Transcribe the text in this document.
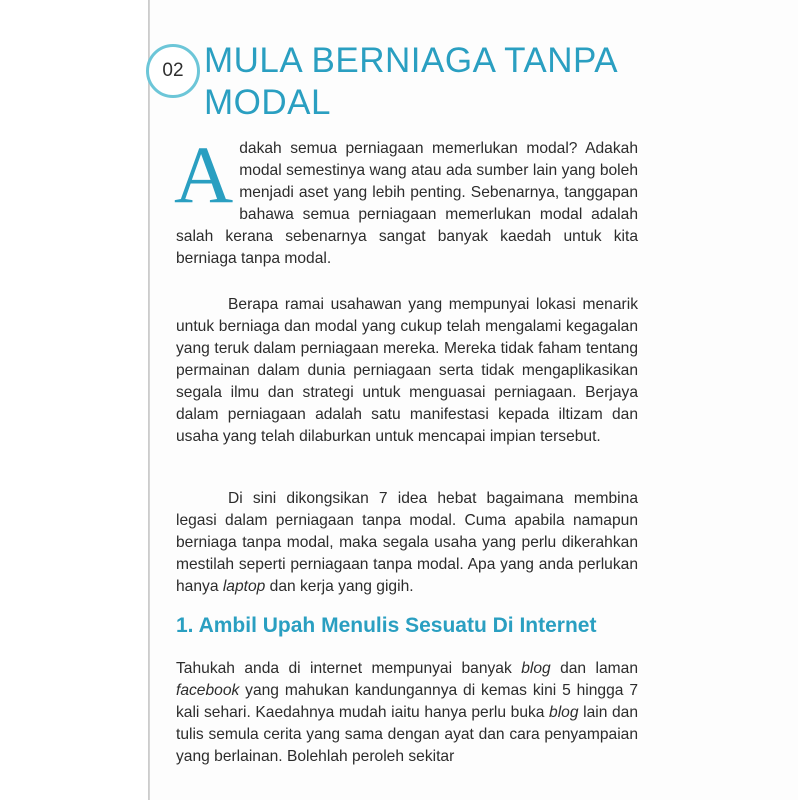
02 MULA BERNIAGA TANPA MODAL

Adakah semua perniagaan memerlukan modal? Adakah modal semestinya wang atau ada sumber lain yang boleh menjadi aset yang lebih penting. Sebenarnya, tanggapan bahawa semua perniagaan memerlukan modal adalah salah kerana sebenarnya sangat banyak kaedah untuk kita berniaga tanpa modal.

Berapa ramai usahawan yang mempunyai lokasi menarik untuk berniaga dan modal yang cukup telah mengalami kegagalan yang teruk dalam perniagaan mereka. Mereka tidak faham tentang permainan dalam dunia perniagaan serta tidak mengaplikasikan segala ilmu dan strategi untuk menguasai perniagaan. Berjaya dalam perniagaan adalah satu manifestasi kepada iltizam dan usaha yang telah dilaburkan untuk mencapai impian tersebut.

Di sini dikongsikan 7 idea hebat bagaimana membina legasi dalam perniagaan tanpa modal. Cuma apabila namapun berniaga tanpa modal, maka segala usaha yang perlu dikerahkan mestilah seperti perniagaan tanpa modal. Apa yang anda perlukan hanya laptop dan kerja yang gigih.

1. Ambil Upah Menulis Sesuatu Di Internet

Tahukah anda di internet mempunyai banyak blog dan laman facebook yang mahukan kandungannya di kemas kini 5 hingga 7 kali sehari. Kaedahnya mudah iaitu hanya perlu buka blog lain dan tulis semula cerita yang sama dengan ayat dan cara penyampaian yang berlainan. Bolehlah peroleh sekitar
